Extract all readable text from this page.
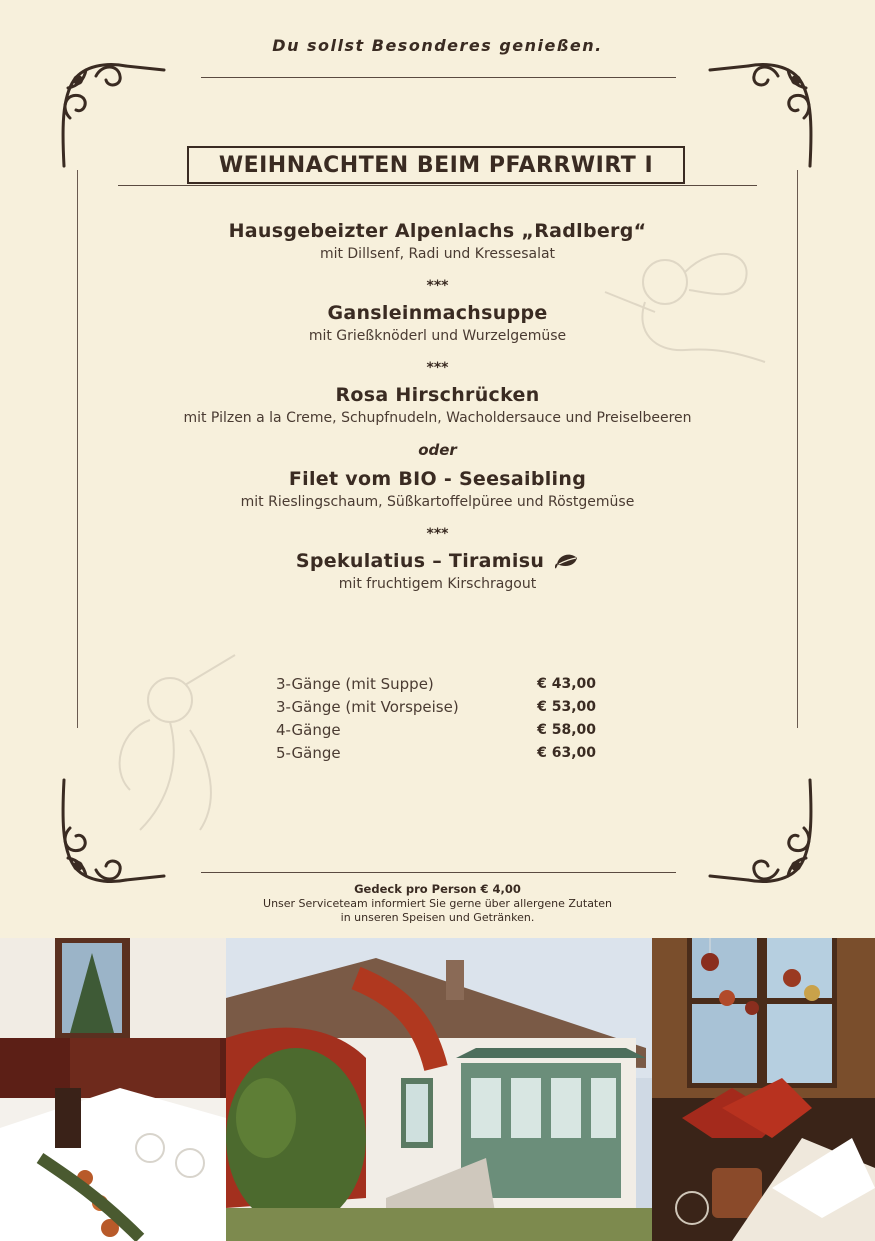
Du sollst Besonderes genießen.
WEIHNACHTEN BEIM PFARRWIRT I
Hausgebeizter Alpenlachs „Radlberg“
mit Dillsenf, Radi und Kressesalat
***
Gansleinmachsuppe
mit Grießknöderl und Wurzelgemüse
***
Rosa Hirschrücken
mit Pilzen a la Creme, Schupfnudeln, Wacholdersauce und Preiselbeeren
oder
Filet vom BIO - Seesaibling
mit Rieslingschaum, Süßkartoffelpüree und Röstgemüse
***
Spekulatius – Tiramisu
mit fruchtigem Kirschragout
3-Gänge (mit Suppe)	€ 43,00
3-Gänge (mit Vorspeise)	€ 53,00
4-Gänge	€ 58,00
5-Gänge	€ 63,00
Gedeck pro Person € 4,00
Unser Serviceteam informiert Sie gerne über allergene Zutaten
in unseren Speisen und Getränken.
